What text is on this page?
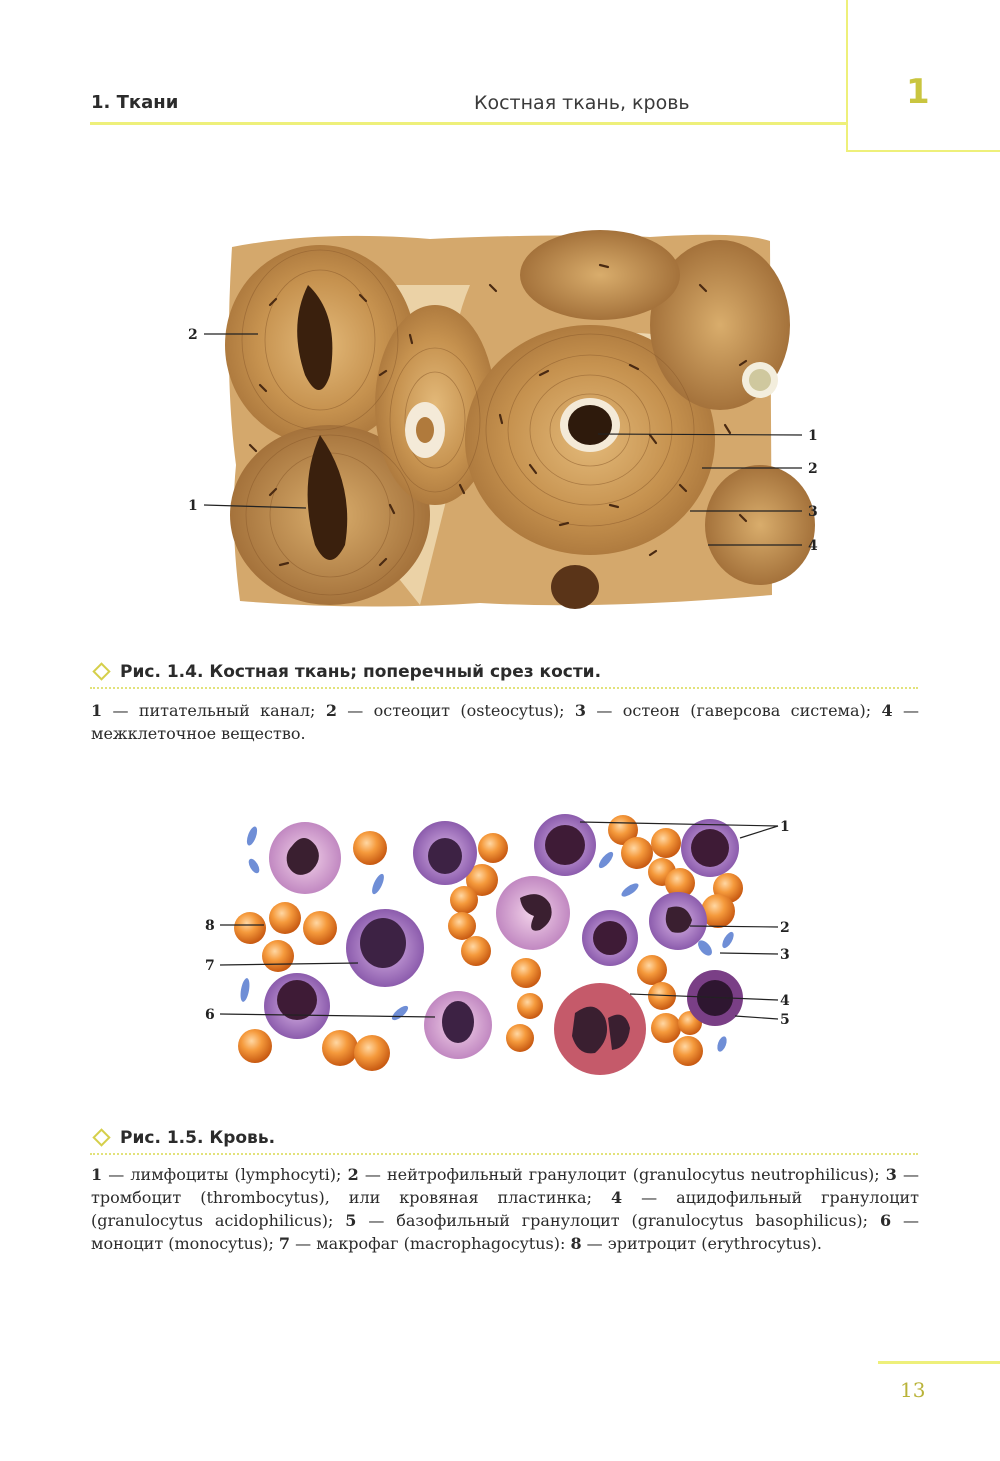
1. Ткани	Костная ткань, кровь	1
2
1
1
2
3
4
Рис. 1.4. Костная ткань; поперечный срез кости.
1 — питательный канал; 2 — остеоцит (osteocytus); 3 — остеон (гаверсова система); 4 —межклеточное вещество.
1
2
3
4
5
8
7
6
Рис. 1.5. Кровь.
1 — лимфоциты (lymphocyti); 2 — нейтрофильный гранулоцит (granulocytus neutrophilicus); 3 — тромбоцит (thrombocytus), или кровяная пластинка; 4 — ацидофильный гранулоцит (granulocytus acidophilicus); 5 — базофильный гранулоцит (granulocytus basophilicus); 6 — моноцит (monocytus); 7 — макрофаг (macrophagocytus): 8 — эритроцит (erythrocytus).
13
